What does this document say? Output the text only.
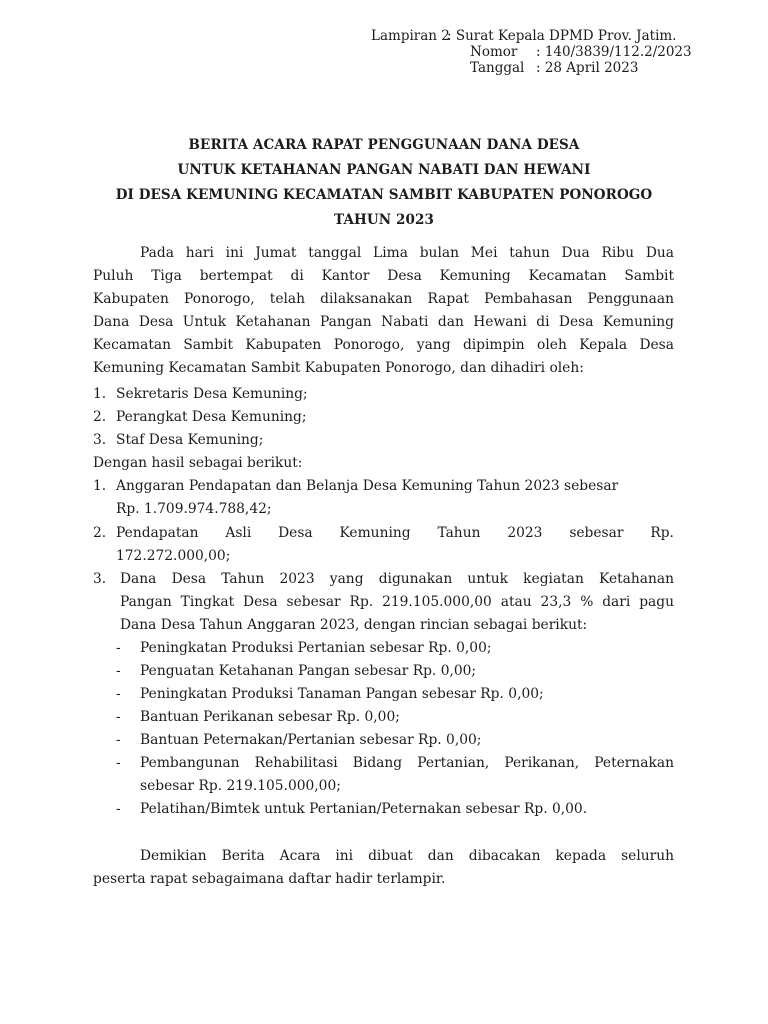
Lampiran 2
: Surat Kepala DPMD Prov. Jatim.
Nomor	: 140/3839/112.2/2023
Tanggal : 28 April 2023
BERITA ACARA RAPAT PENGGUNAAN DANA DESA
UNTUK KETAHANAN PANGAN NABATI DAN HEWANI
DI DESA KEMUNING KECAMATAN SAMBIT KABUPATEN PONOROGO
TAHUN 2023
Pada hari ini Jumat tanggal Lima bulan Mei tahun Dua Ribu Dua
Puluh Tiga bertempat di Kantor Desa Kemuning Kecamatan Sambit
Kabupaten Ponorogo, telah dilaksanakan Rapat Pembahasan Penggunaan
Dana Desa Untuk Ketahanan Pangan Nabati dan Hewani di Desa Kemuning
Kecamatan Sambit Kabupaten Ponorogo, yang dipimpin oleh Kepala Desa
Kemuning Kecamatan Sambit Kabupaten Ponorogo, dan dihadiri oleh:
1. Sekretaris Desa Kemuning;
2. Perangkat Desa Kemuning;
3. Staf Desa Kemuning;
Dengan hasil sebagai berikut:
1. Anggaran Pendapatan dan Belanja Desa Kemuning Tahun 2023 sebesar
Rp. 1.709.974.788,42;
2. Pendapatan Asli Desa Kemuning Tahun 2023 sebesar Rp.
172.272.000,00;
3. Dana Desa Tahun 2023 yang digunakan untuk kegiatan Ketahanan
Pangan Tingkat Desa sebesar Rp. 219.105.000,00 atau 23,3 % dari pagu
Dana Desa Tahun Anggaran 2023, dengan rincian sebagai berikut:
- Peningkatan Produksi Pertanian sebesar Rp. 0,00;
- Penguatan Ketahanan Pangan sebesar Rp. 0,00;
- Peningkatan Produksi Tanaman Pangan sebesar Rp. 0,00;
- Bantuan Perikanan sebesar Rp. 0,00;
- Bantuan Peternakan/Pertanian sebesar Rp. 0,00;
- Pembangunan Rehabilitasi Bidang Pertanian, Perikanan, Peternakan
sebesar Rp. 219.105.000,00;
- Pelatihan/Bimtek untuk Pertanian/Peternakan sebesar Rp. 0,00.
Demikian Berita Acara ini dibuat dan dibacakan kepada seluruh
peserta rapat sebagaimana daftar hadir terlampir.
